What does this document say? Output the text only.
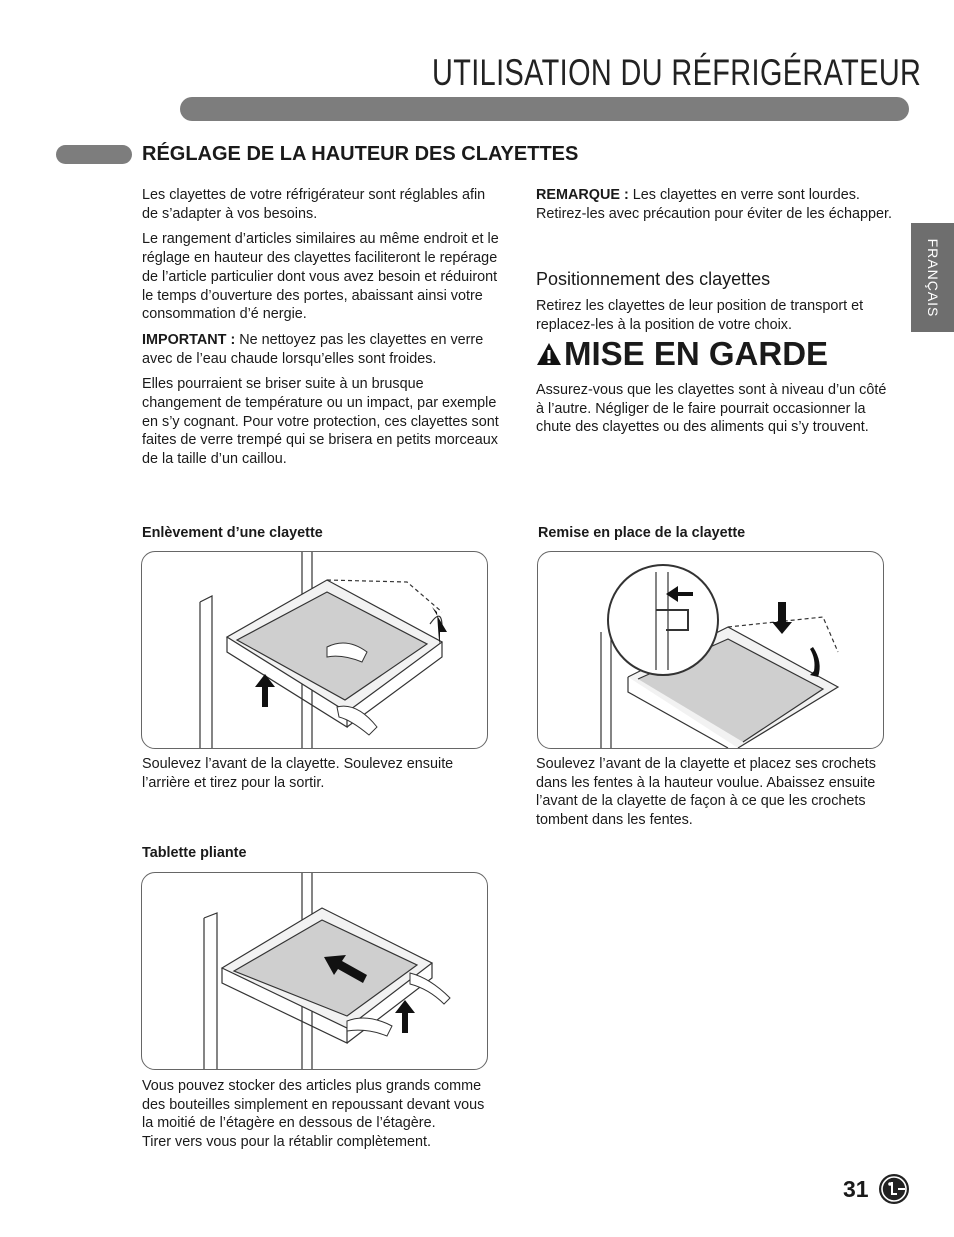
UTILISATION DU RÉFRIGÉRATEUR
RÉGLAGE DE LA HAUTEUR DES CLAYETTES
FRANÇAIS

Les clayettes de votre réfrigérateur sont réglables afin de s’adapter à vos besoins.

Le rangement d’articles similaires au même endroit et le réglage en hauteur des clayettes faciliteront le repérage de l’article particulier dont vous avez besoin et réduiront le temps d’ouverture des portes, abaissant ainsi votre consommation d’é nergie.

IMPORTANT : Ne nettoyez pas les clayettes en verre avec de l’eau chaude lorsqu’elles sont froides.

Elles pourraient se briser suite à un brusque changement de température ou un impact, par exemple en s’y cognant. Pour votre protection, ces clayettes sont faites de verre trempé qui se brisera en petits morceaux de la taille d’un caillou.

REMARQUE : Les clayettes en verre sont lourdes. Retirez-les avec précaution pour éviter de les échapper.
Positionnement des clayettes
Retirez les clayettes de leur position de transport et replacez-les à la position de votre choix.
MISE EN GARDE
Assurez-vous que les clayettes sont à niveau d’un côté à l’autre. Négliger de le faire pourrait occasionner la chute des clayettes ou des aliments qui s’y trouvent.
Enlèvement d’une clayette
Soulevez l’avant de la clayette. Soulevez ensuite l’arrière et tirez pour la sortir.
Remise en place de la clayette
Soulevez l’avant de la clayette et placez ses crochets dans les fentes à la hauteur voulue. Abaissez ensuite l’avant de la clayette de façon à ce que les crochets tombent dans les fentes.
Tablette pliante
Vous pouvez stocker des articles plus grands comme des bouteilles simplement en repoussant devant vous la moitié de l’étagère en dessous de l’étagère.
Tirer vers vous pour la rétablir complètement.
31
